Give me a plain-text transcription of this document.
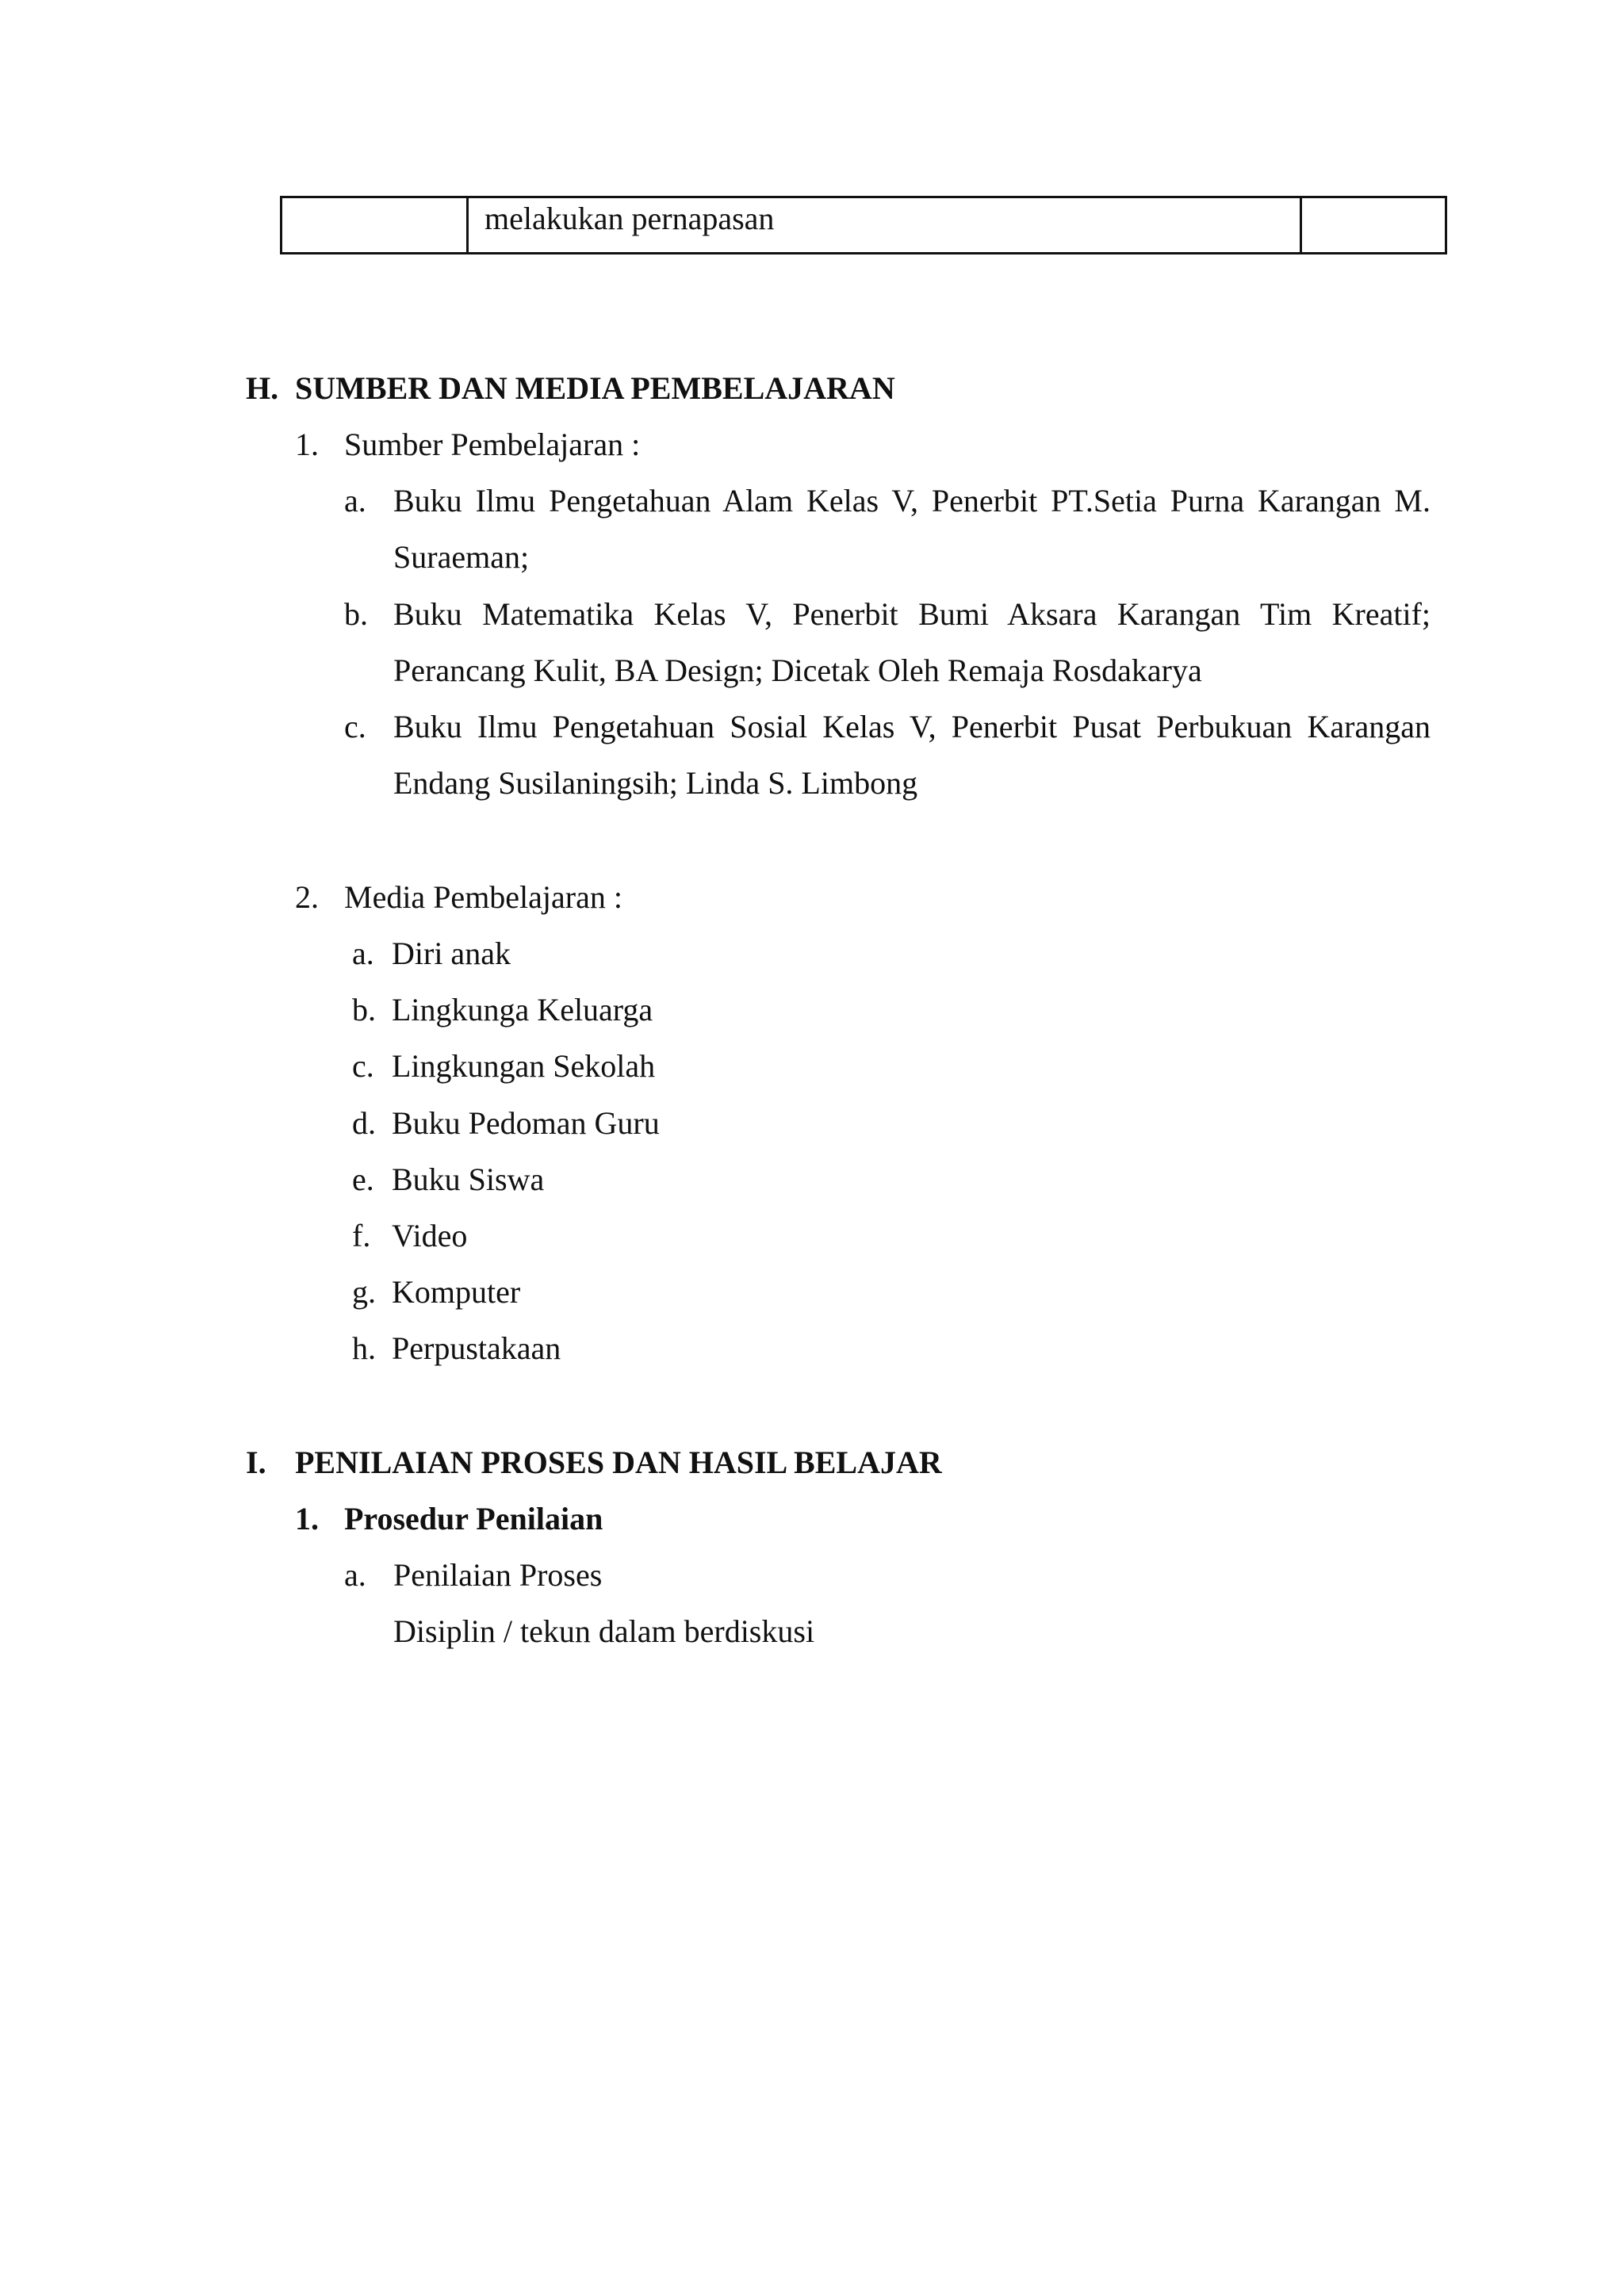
melakukan pernapasan
H. SUMBER DAN MEDIA PEMBELAJARAN
1. Sumber Pembelajaran :
a. Buku Ilmu Pengetahuan Alam Kelas V, Penerbit PT.Setia Purna Karangan M.
Suraeman;
b. Buku Matematika Kelas V, Penerbit Bumi Aksara Karangan Tim Kreatif;
Perancang Kulit, BA Design; Dicetak Oleh Remaja Rosdakarya
c. Buku Ilmu Pengetahuan Sosial Kelas V, Penerbit Pusat Perbukuan Karangan
Endang Susilaningsih; Linda S. Limbong
2. Media Pembelajaran :
a. Diri anak
b. Lingkunga Keluarga
c. Lingkungan Sekolah
d. Buku Pedoman Guru
e. Buku Siswa
f. Video
g. Komputer
h. Perpustakaan
I. PENILAIAN PROSES DAN HASIL BELAJAR
1. Prosedur Penilaian
a. Penilaian Proses
Disiplin / tekun dalam berdiskusi
